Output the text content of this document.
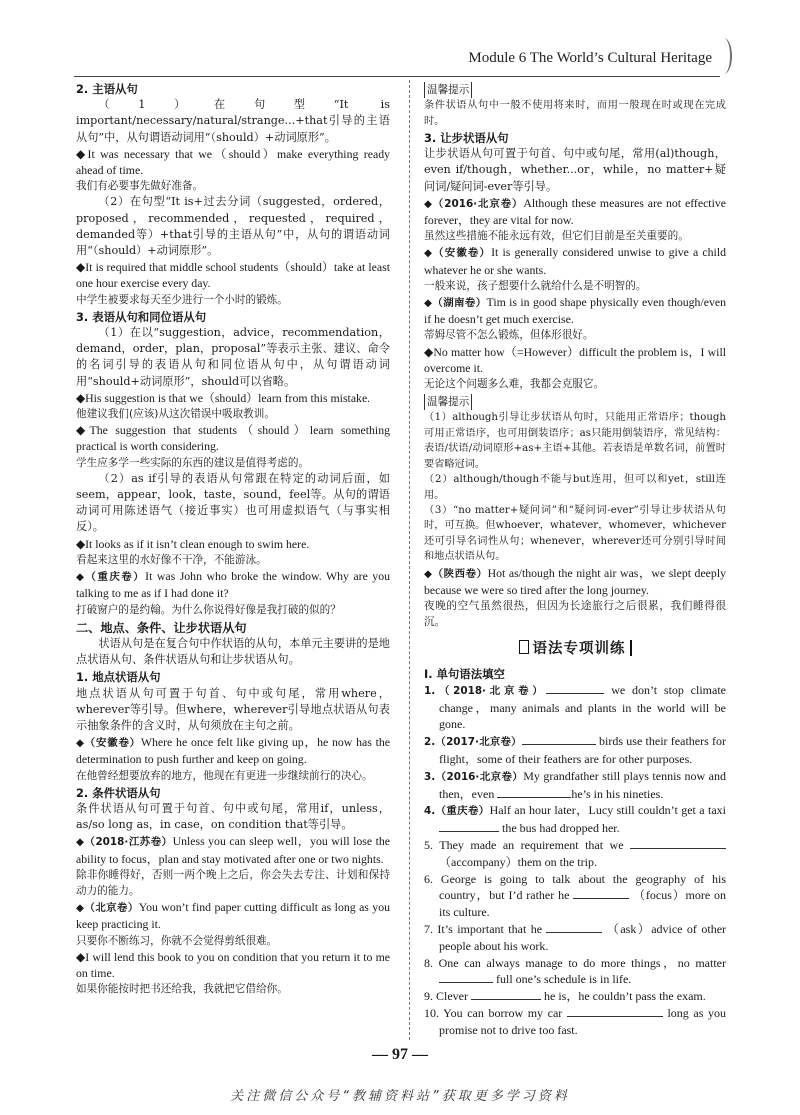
Module 6 The World’s Cultural Heritage
2. 主语从句

（1）在句型“It is important/necessary/natural/strange...+that引导的主语从句”中，从句谓语动词用“（should）+动词原形”。

◆It was necessary that we（should）make everything ready ahead of time.

我们有必要事先做好准备。

（2）在句型“It is+过去分词（suggested，ordered，proposed，recommended，requested，required，demanded等）+that引导的主语从句”中，从句的谓语动词用“（should）+动词原形”。

◆It is required that middle school students（should）take at least one hour exercise every day.

中学生被要求每天至少进行一个小时的锻炼。

3. 表语从句和同位语从句

（1）在以“suggestion，advice，recommendation，demand，order，plan，proposal”等表示主张、建议、命令的名词引导的表语从句和同位语从句中，从句谓语动词用“should+动词原形”，should可以省略。

◆His suggestion is that we（should）learn from this mistake.

他建议我们(应该)从这次错误中吸取教训。

◆The suggestion that students（should）learn something practical is worth considering.

学生应多学一些实际的东西的建议是值得考虑的。

（2）as if引导的表语从句常跟在特定的动词后面，如seem，appear，look，taste，sound，feel等。从句的谓语动词可用陈述语气（接近事实）也可用虚拟语气（与事实相反）。

◆It looks as if it isn’t clean enough to swim here.

看起来这里的水好像不干净，不能游泳。

◆（重庆卷）It was John who broke the window. Why are you talking to me as if I had done it?

打破窗户的是约翰。为什么你说得好像是我打破的似的？

二、地点、条件、让步状语从句

状语从句是在复合句中作状语的从句，本单元主要讲的是地点状语从句、条件状语从句和让步状语从句。

1. 地点状语从句

地点状语从句可置于句首、句中或句尾，常用where，wherever等引导。但where，wherever引导地点状语从句表示抽象条件的含义时，从句须放在主句之前。

◆（安徽卷）Where he once felt like giving up，he now has the determination to push further and keep on going.

在他曾经想要放弃的地方，他现在有更进一步继续前行的决心。

2. 条件状语从句

条件状语从句可置于句首、句中或句尾，常用if，unless，as/so long as，in case，on condition that等引导。

◆（2018·江苏卷）Unless you can sleep well，you will lose the ability to focus，plan and stay motivated after one or two nights.

除非你睡得好，否则一两个晚上之后，你会失去专注、计划和保持动力的能力。

◆（北京卷）You won’t find paper cutting difficult as long as you keep practicing it.

只要你不断练习，你就不会觉得剪纸很难。

◆I will lend this book to you on condition that you return it to me on time.

如果你能按时把书还给我，我就把它借给你。

温馨提示

条件状语从句中一般不使用将来时，而用一般现在时或现在完成时。

3. 让步状语从句

让步状语从句可置于句首、句中或句尾，常用(al)though，even if/though，whether...or，while，no matter+疑问词/疑问词-ever等引导。

◆（2016·北京卷）Although these measures are not effective forever，they are vital for now.

虽然这些措施不能永远有效，但它们目前是至关重要的。

◆（安徽卷）It is generally considered unwise to give a child whatever he or she wants.

一般来说，孩子想要什么就给什么是不明智的。

◆（湖南卷）Tim is in good shape physically even though/even if he doesn’t get much exercise.

蒂姆尽管不怎么锻炼，但体形很好。

◆No matter how（=However）difficult the problem is，I will overcome it.

无论这个问题多么难，我都会克服它。

温馨提示

（1）although引导让步状语从句时，只能用正常语序；though可用正常语序，也可用倒装语序；as只能用倒装语序，常见结构：表语/状语/动词原形+as+主语+其他。若表语是单数名词，前置时要省略冠词。

（2）although/though不能与but连用，但可以和yet，still连用。

（3）“no matter+疑问词”和“疑问词-ever”引导让步状语从句时，可互换。但whoever，whatever，whomever，whichever还可引导名词性从句；whenever，wherever还可分别引导时间和地点状语从句。

◆（陕西卷）Hot as/though the night air was，we slept deeply because we were so tired after the long journey.

夜晚的空气虽然很热，但因为长途旅行之后很累，我们睡得很沉。

语法专项训练
Ⅰ. 单句语法填空

1.（2018·北京卷）	we don’t stop climate change，many animals and plants in the world will be gone.

2.（2017·北京卷）	birds use their feathers for flight，some of their feathers are for other purposes.

3.（2016·北京卷）My grandfather still plays tennis now and then，even	he’s in his nineties.

4.（重庆卷）Half an hour later，Lucy still couldn’t get a taxi  the bus had dropped her.

5. They made an requirement that we  （accompany）them on the trip.

6. George is going to talk about the geography of his country，but I’d rather he	（focus）more on its culture.

7. It’s important that he	（ask）advice of other people about his work.

8. One can always manage to do more things，no matter  full one’s schedule is in life.

9. Clever	he is，he couldn’t pass the exam.

10. You can borrow my car	long as you promise not to drive too fast.

— 97 —
关注微信公众号“教辅资料站”获取更多学习资料
